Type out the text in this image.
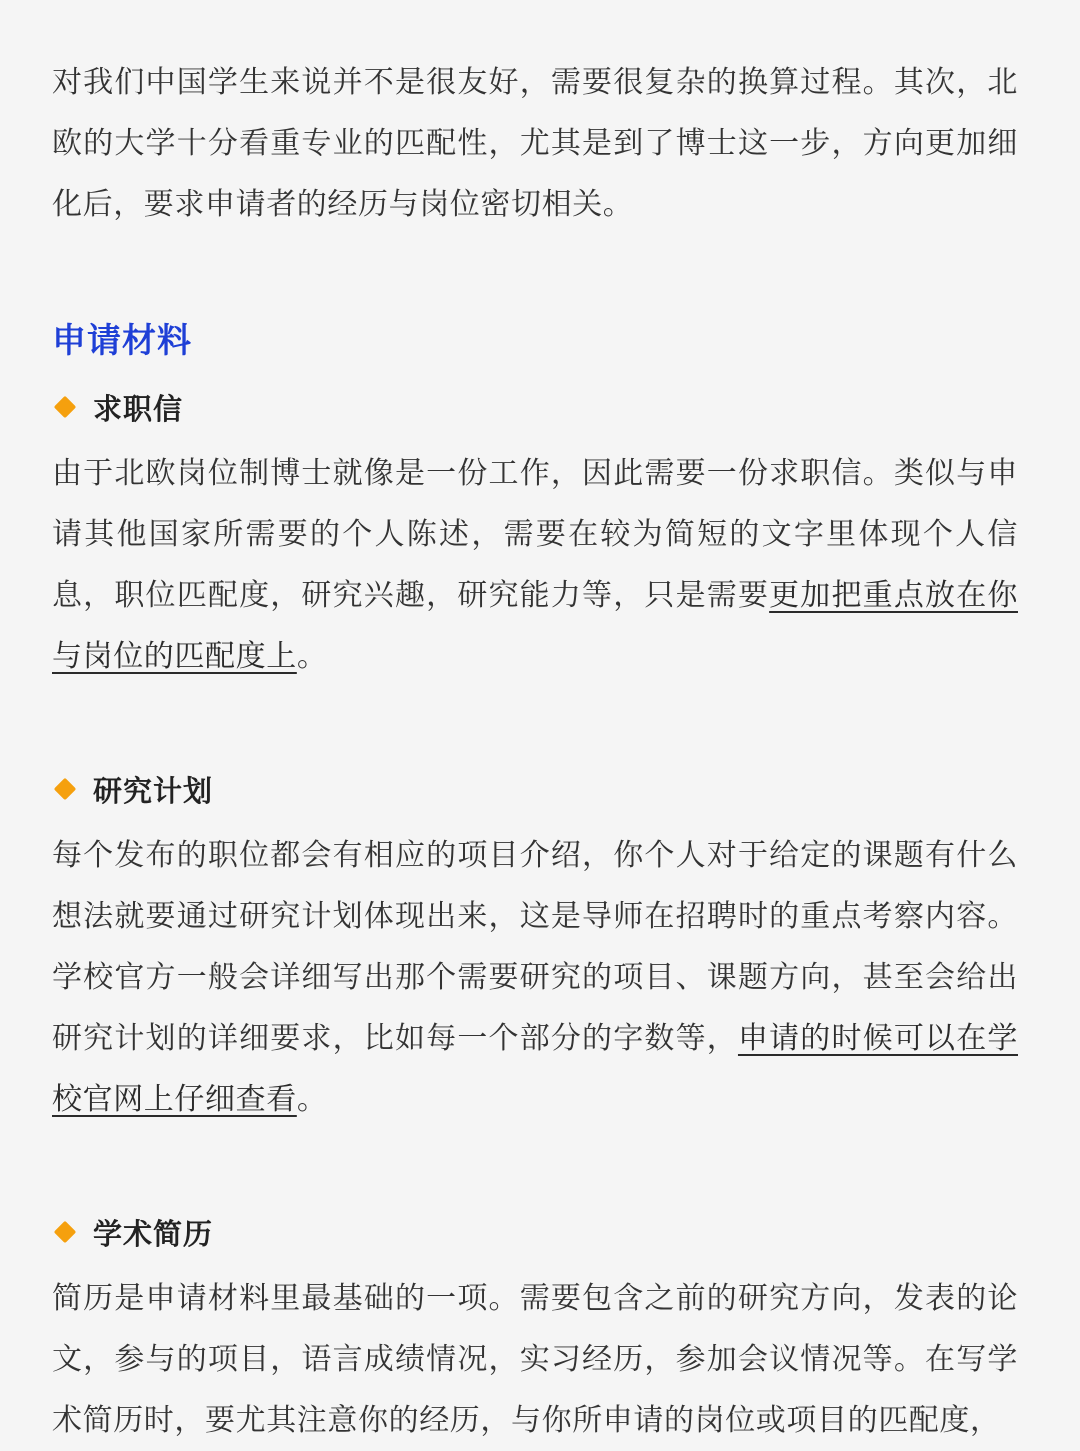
对我们中国学生来说并不是很友好，需要很复杂的换算过程。其次，北欧的大学十分看重专业的匹配性，尤其是到了博士这一步，方向更加细化后，要求申请者的经历与岗位密切相关。

申请材料
求职信

由于北欧岗位制博士就像是一份工作，因此需要一份求职信。类似与申请其他国家所需要的个人陈述，需要在较为简短的文字里体现个人信息，职位匹配度，研究兴趣，研究能力等，只是需要更加把重点放在你与岗位的匹配度上。

研究计划

每个发布的职位都会有相应的项目介绍，你个人对于给定的课题有什么想法就要通过研究计划体现出来，这是导师在招聘时的重点考察内容。学校官方一般会详细写出那个需要研究的项目、课题方向，甚至会给出研究计划的详细要求，比如每一个部分的字数等，申请的时候可以在学校官网上仔细查看。

学术简历

简历是申请材料里最基础的一项。需要包含之前的研究方向，发表的论文，参与的项目，语言成绩情况，实习经历，参加会议情况等。在写学术简历时，要尤其注意你的经历，与你所申请的岗位或项目的匹配度，
